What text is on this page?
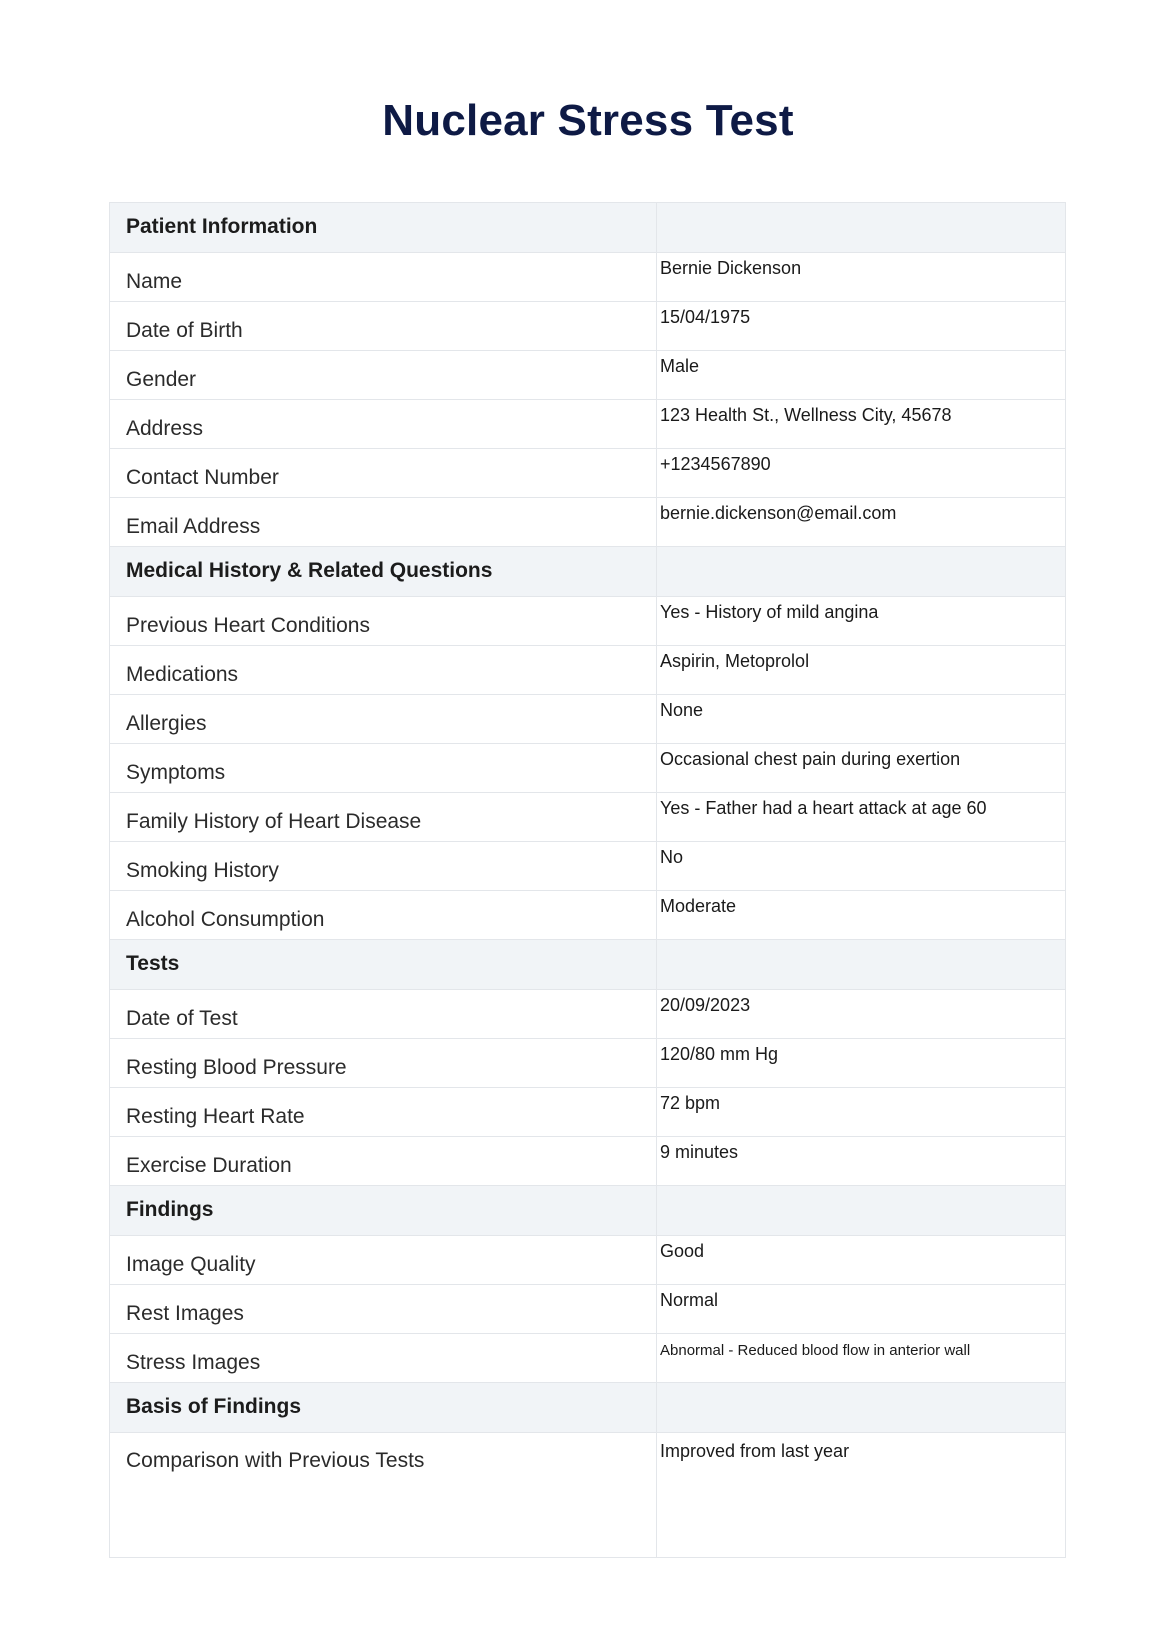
Nuclear Stress Test
Patient Information	
Name	Bernie Dickenson
Date of Birth	15/04/1975
Gender	Male
Address	123 Health St., Wellness City, 45678
Contact Number	+1234567890
Email Address	bernie.dickenson@email.com
Medical History & Related Questions	
Previous Heart Conditions	Yes - History of mild angina
Medications	Aspirin, Metoprolol
Allergies	None
Symptoms	Occasional chest pain during exertion
Family History of Heart Disease	Yes - Father had a heart attack at age 60
Smoking History	No
Alcohol Consumption	Moderate
Tests	
Date of Test	20/09/2023
Resting Blood Pressure	120/80 mm Hg
Resting Heart Rate	72 bpm
Exercise Duration	9 minutes
Findings	
Image Quality	Good
Rest Images	Normal
Stress Images	Abnormal - Reduced blood flow in anterior wall
Basis of Findings	
Comparison with Previous Tests	Improved from last year
